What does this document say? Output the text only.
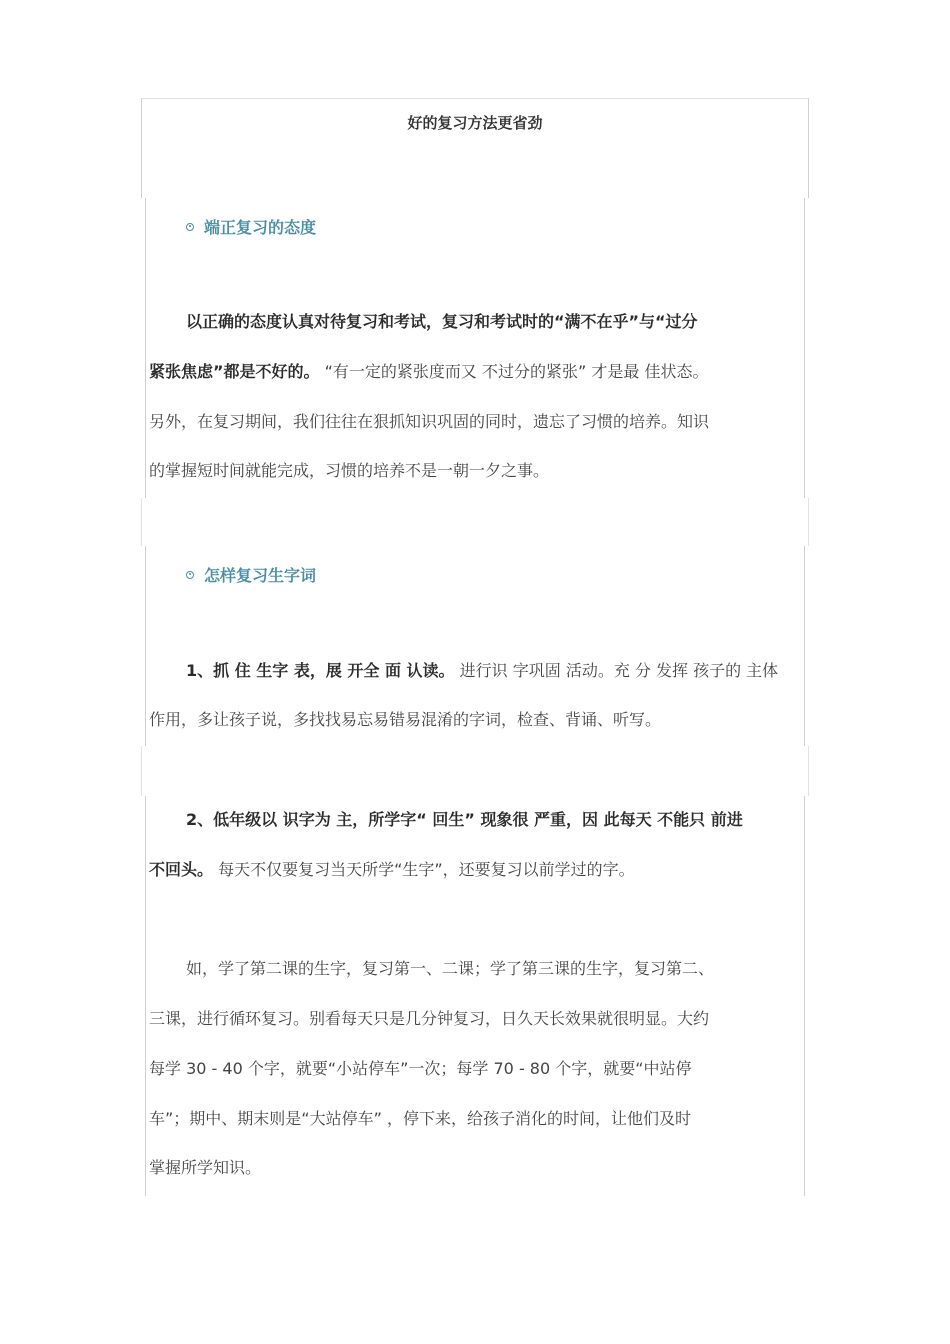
好的复习方法更省劲
端正复习的态度
以正确的态度认真对待复习和考试，复习和考试时的“满不在乎”与“过分
紧张焦虑”都是不好的。 “有一定的紧张度而又 不过分的紧张” 才是最 佳状态。
另外，在复习期间，我们往往在狠抓知识巩固的同时，遗忘了习惯的培养。知识
的掌握短时间就能完成，习惯的培养不是一朝一夕之事。
怎样复习生字词
1、抓 住 生字 表，展 开全 面 认读。 进行识 字巩固 活动。充 分 发挥 孩子的 主体
作用，多让孩子说，多找找易忘易错易混淆的字词，检查、背诵、听写。
2、低年级以 识字为 主，所学字“ 回生” 现象很 严重，因 此每天 不能只 前进
不回头。 每天不仅要复习当天所学“生字”，还要复习以前学过的字。
如，学了第二课的生字，复习第一、二课；学了第三课的生字，复习第二、
三课，进行循环复习。别看每天只是几分钟复习，日久天长效果就很明显。大约
每学 30 - 40 个字，就要“小站停车”一次；每学 70 - 80 个字，就要“中站停
车”；期中、期末则是“大站停车” ，停下来，给孩子消化的时间，让他们及时
掌握所学知识。
